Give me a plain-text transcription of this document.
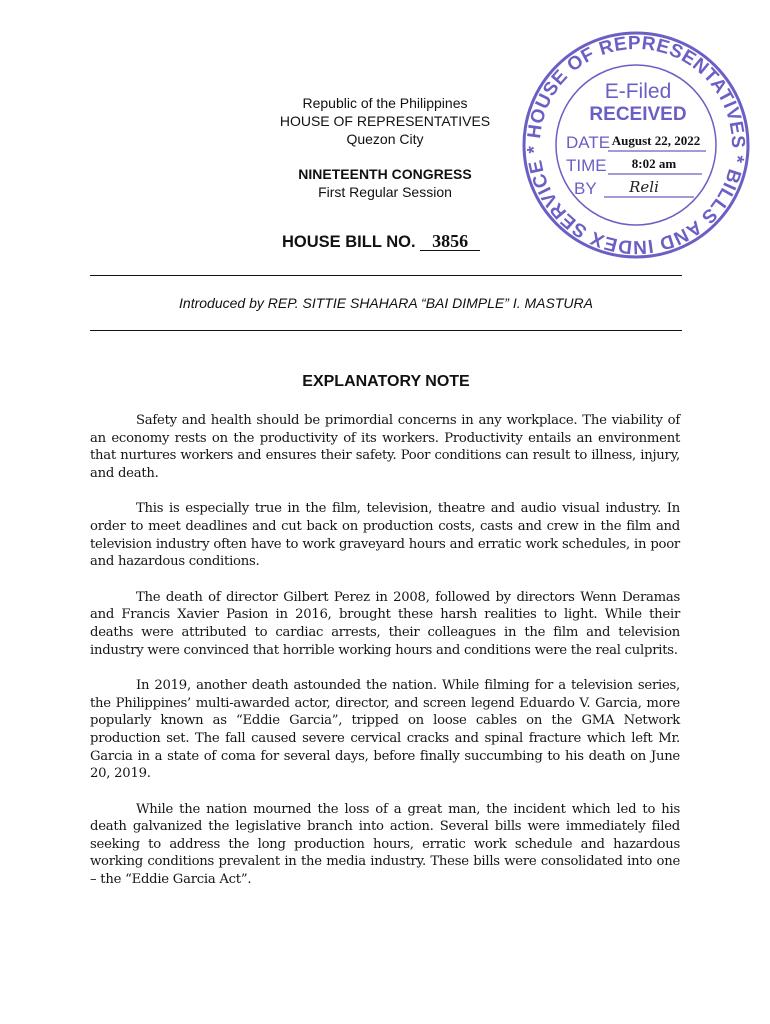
Republic of the Philippines
HOUSE OF REPRESENTATIVES
Quezon City
NINETEENTH CONGRESS
First Regular Session
HOUSE BILL NO. 3856
Introduced by REP. SITTIE SHAHARA “BAI DIMPLE” I. MASTURA
EXPLANATORY NOTE

Safety and health should be primordial concerns in any workplace. The viability of an economy rests on the productivity of its workers. Productivity entails an environment that nurtures workers and ensures their safety. Poor conditions can result to illness, injury, and death.

This is especially true in the film, television, theatre and audio visual industry. In order to meet deadlines and cut back on production costs, casts and crew in the film and television industry often have to work graveyard hours and erratic work schedules, in poor and hazardous conditions.

The death of director Gilbert Perez in 2008, followed by directors Wenn Deramas and Francis Xavier Pasion in 2016, brought these harsh realities to light. While their deaths were attributed to cardiac arrests, their colleagues in the film and television industry were convinced that horrible working hours and conditions were the real culprits.

In 2019, another death astounded the nation. While filming for a television series, the Philippines’ multi-awarded actor, director, and screen legend Eduardo V. Garcia, more popularly known as “Eddie Garcia”, tripped on loose cables on the GMA Network production set. The fall caused severe cervical cracks and spinal fracture which left Mr. Garcia in a state of coma for several days, before finally succumbing to his death on June 20, 2019.

While the nation mourned the loss of a great man, the incident which led to his death galvanized the legislative branch into action. Several bills were immediately filed seeking to address the long production hours, erratic work schedule and hazardous working conditions prevalent in the media industry. These bills were consolidated into one – the “Eddie Garcia Act”.

HOUSE OF REPRESENTATIVES * BILLS AND INDEX SERVICE *
E-Filed
RECEIVED
DATE August 22, 2022
TIME 8:02 am
BY Reli
